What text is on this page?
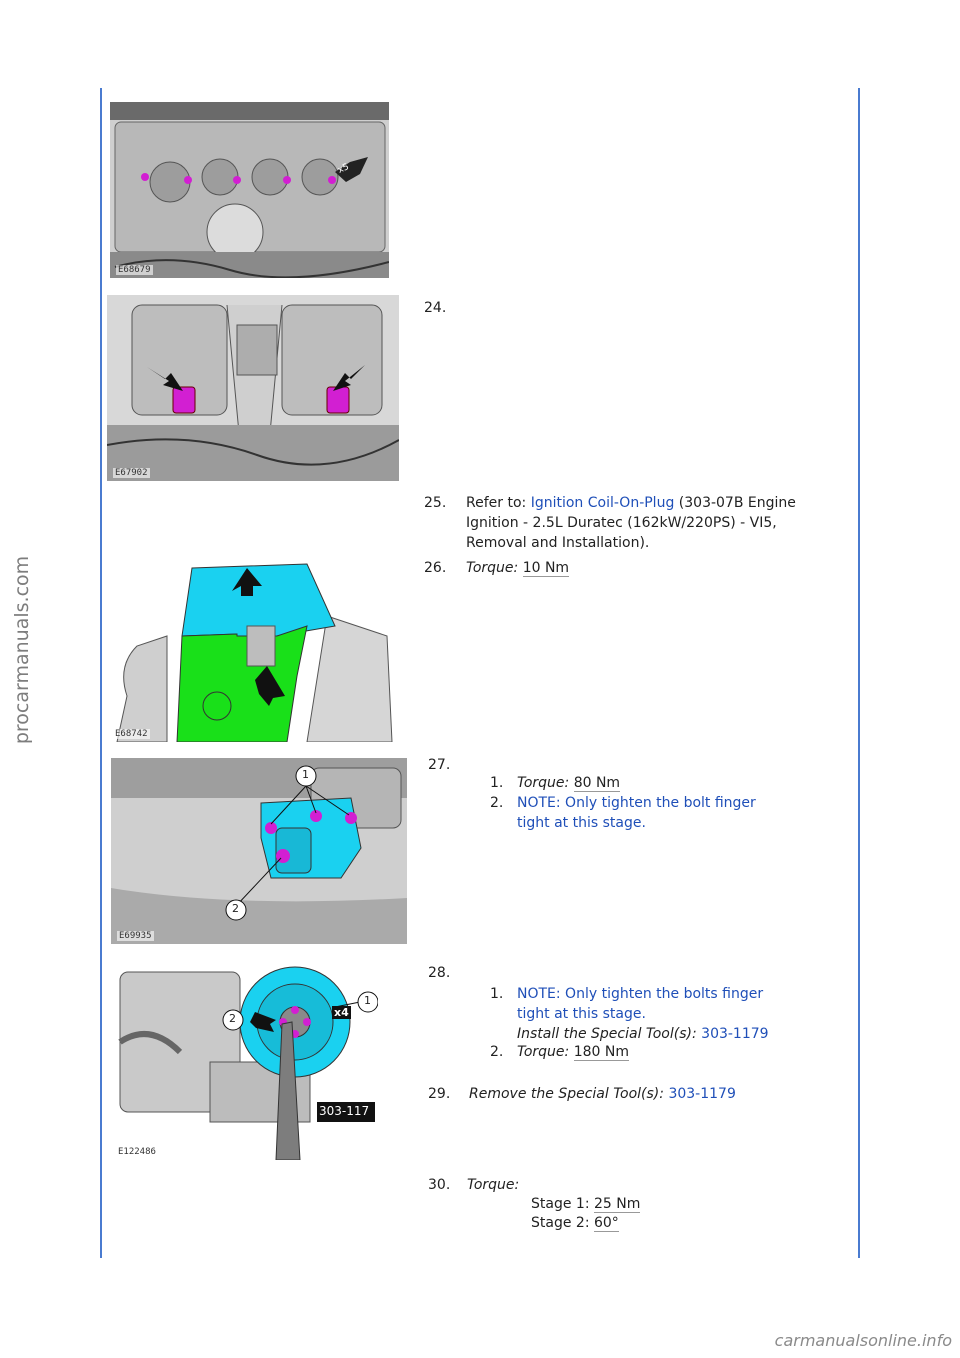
procarmanuals.com
x5
E68679
24.
E67902
25. Refer to: Ignition Coil-On-Plug (303-07B Engine
Ignition - 2.5L Duratec (162kW/220PS) - VI5,
Removal and Installation).
26. Torque: 10 Nm
E68742
27.
1. Torque: 80 Nm
2. NOTE: Only tighten the bolt finger
tight at this stage.
1
2
E69935
28.
1. NOTE: Only tighten the bolts finger
tight at this stage.
Install the Special Tool(s): 303-1179
2. Torque: 180 Nm
1
2	x4
303-117
E122486
29. Remove the Special Tool(s): 303-1179
30. Torque:
Stage 1: 25 Nm
Stage 2: 60°
carmanualsonline.info
